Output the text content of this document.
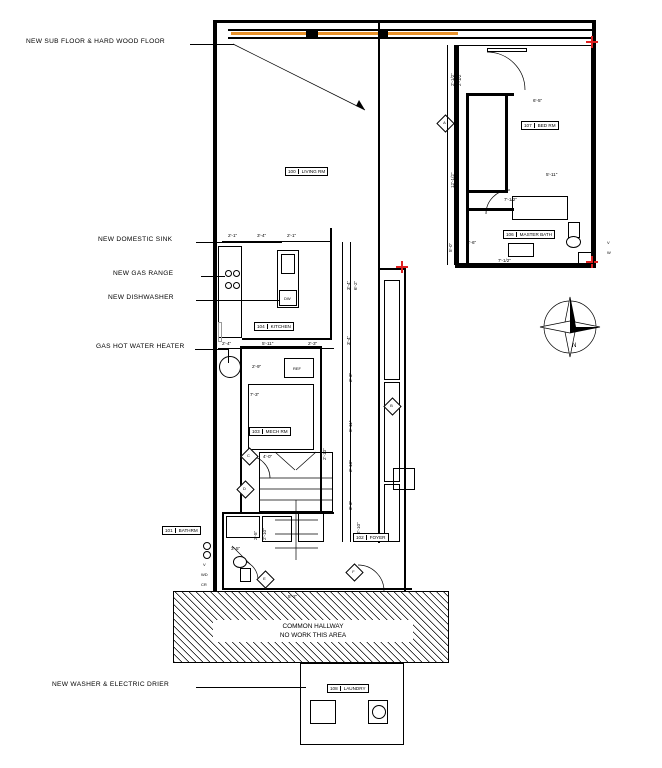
DW
REF
COMMON HALLWAY
NO WORK THIS AREA
100	LIVING RM
104	KITCHEN
103	MECH RM
101	BATHRM
102	FOYER
107	BED RM
106	MASTER BATH
108	LAUNDRY
A
B
C
D
E
F
N
V
W
V
WD
CR
2'-1"	3'-4"	2'-1"
2'-4"	5'-11"	2'-3"	3'-4"
6'-2"
3'-4"
2'-9"
7'-3"
2'-3"
6'-11"
4'-0"
2'-10"
3'-3"
2'-10"
2'-10"
3'-5"
2'-10"
2'-5"
5'-2"
2'-1/2" 2'-1/2"
6'-5"
12'-1/2"	5'-11"
7'-1/2"
2'-6"
5'-0"
7'-1/2"
NEW SUB FLOOR & HARD WOOD FLOOR
NEW DOMESTIC SINK
NEW GAS RANGE
NEW DISHWASHER
GAS HOT WATER HEATER
NEW WASHER & ELECTRIC DRIER
